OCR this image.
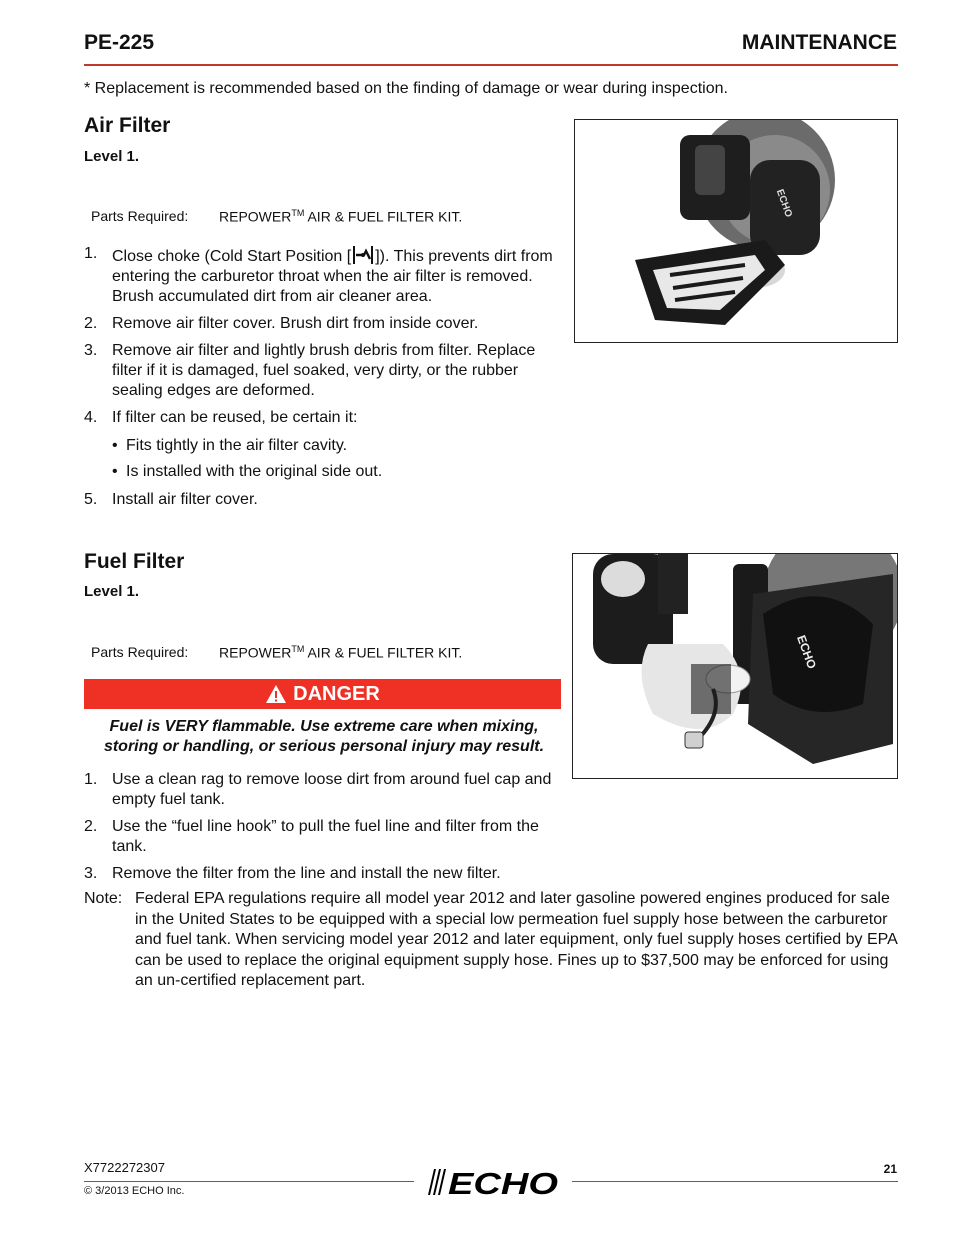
PE-225	MAINTENANCE
* Replacement is recommended based on the finding of damage or wear during inspection.
Air Filter
Level 1.
Parts Required: REPOWER™ AIR & FUEL FILTER KIT.
1. Close choke (Cold Start Position [ ]). This prevents dirt from entering the carburetor throat when the air filter is removed. Brush accumulated dirt from air cleaner area.
2. Remove air filter cover. Brush dirt from inside cover.
3. Remove air filter and lightly brush debris from filter. Replace filter if it is damaged, fuel soaked, very dirty, or the rubber sealing edges are deformed.
4. If filter can be reused, be certain it:
• Fits tightly in the air filter cavity.
• Is installed with the original side out.
5. Install air filter cover.
ECHO
Fuel Filter
Level 1.
Parts Required: REPOWER™ AIR & FUEL FILTER KIT.
DANGER
Fuel is VERY flammable. Use extreme care when mixing, storing or handling, or serious personal injury may result.
1. Use a clean rag to remove loose dirt from around fuel cap and empty fuel tank.
2. Use the “fuel line hook” to pull the fuel line and filter from the tank.
3. Remove the filter from the line and install the new filter.
Note: Federal EPA regulations require all model year 2012 and later gasoline powered engines produced for sale in the United States to be equipped with a special low permeation fuel supply hose between the carburetor and fuel tank. When servicing model year 2012 and later equipment, only fuel supply hoses certified by EPA can be used to replace the original equipment supply hose. Fines up to $37,500 may be enforced for using an un-certified replacement part.
ECHO
X7722272307
© 3/2013 ECHO Inc.
21
ECHO
